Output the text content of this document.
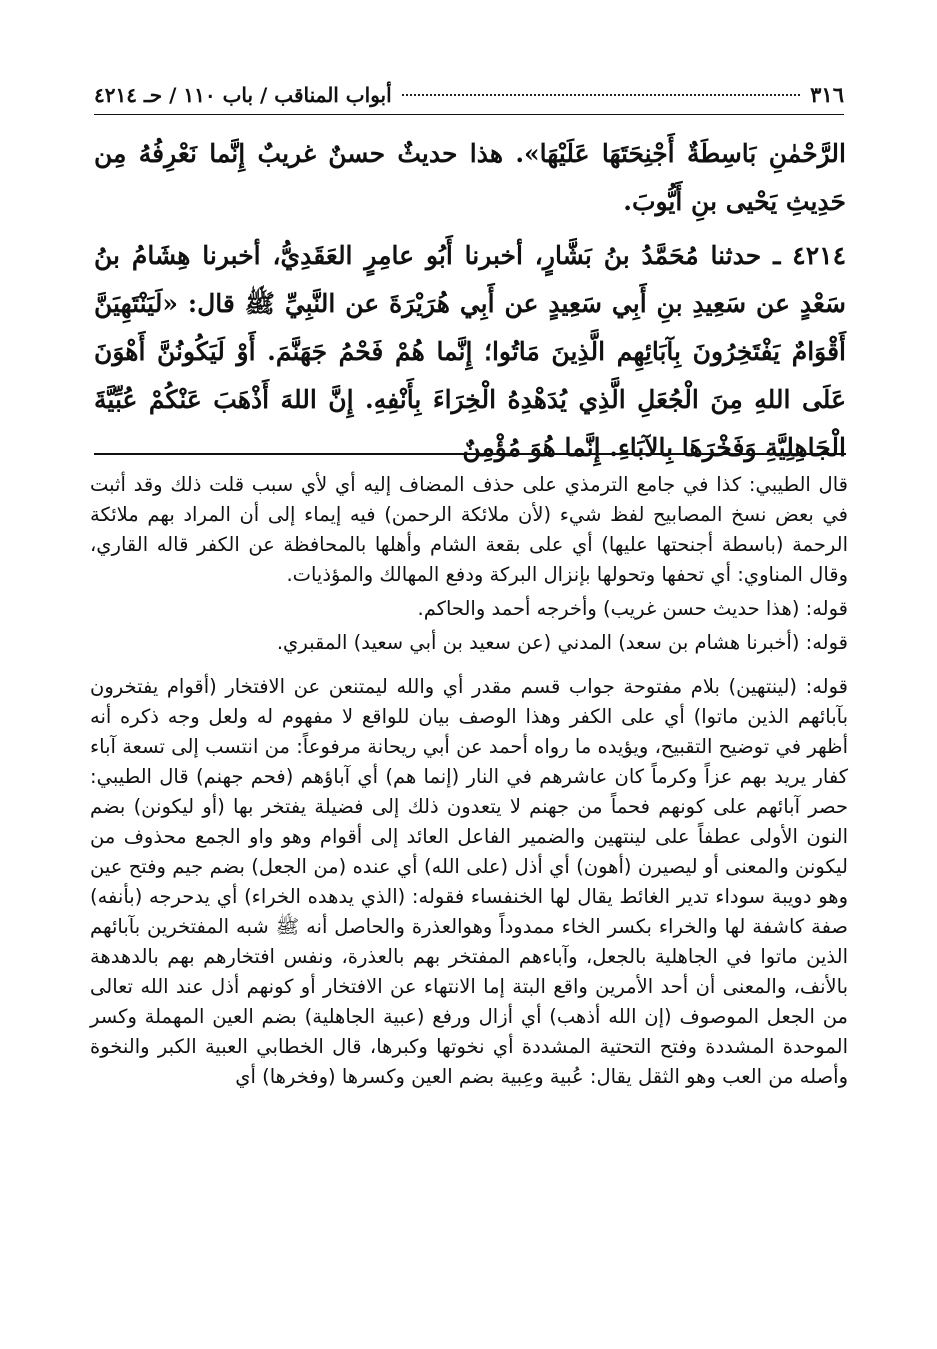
٣١٦
أبواب المناقب / باب ١١٠ / حـ ٤٢١٤

الرَّحْمٰنِ بَاسِطَةٌ أَجْنِحَتَهَا عَلَيْهَا». هذا حديثٌ حسنٌ غريبٌ إِنَّما نَعْرِفُهُ مِن حَدِيثِ يَحْيى بنِ أَيُّوبَ.

٤٢١٤ ـ حدثنا مُحَمَّدُ بنُ بَشَّارٍ، أخبرنا أَبُو عامِرٍ العَقَدِيُّ، أخبرنا هِشَامُ بنُ سَعْدٍ عن سَعِيدِ بنِ أَبِي سَعِيدٍ عن أَبِي هُرَيْرَةَ عن النَّبِيِّ ﷺ قال: «لَيَنْتَهِيَنَّ أَقْوَامٌ يَفْتَخِرُونَ بِآبَائِهِم الَّذِينَ مَاتُوا؛ إِنَّما هُمْ فَحْمُ جَهَنَّمَ. أَوْ لَيَكُونُنَّ أَهْوَنَ عَلَى اللهِ مِنَ الْجُعَلِ الَّذِي يُدَهْدِهُ الْخِرَاءَ بِأَنْفِهِ. إِنَّ اللهَ أَذْهَبَ عَنْكُمْ عُبِّيَّةَ الْجَاهِلِيَّةِ وَفَخْرَهَا بِالآبَاءِ. إِنَّما هُوَ مُؤْمِنٌ

قال الطيبي: كذا في جامع الترمذي على حذف المضاف إليه أي لأي سبب قلت ذلك وقد أثبت في بعض نسخ المصابيح لفظ شيء (لأن ملائكة الرحمن) فيه إيماء إلى أن المراد بهم ملائكة الرحمة (باسطة أجنحتها عليها) أي على بقعة الشام وأهلها بالمحافظة عن الكفر قاله القاري، وقال المناوي: أي تحفها وتحولها بإنزال البركة ودفع المهالك والمؤذيات.

قوله: (هذا حديث حسن غريب) وأخرجه أحمد والحاكم.

قوله: (أخبرنا هشام بن سعد) المدني (عن سعيد بن أبي سعيد) المقبري.

قوله: (لينتهين) بلام مفتوحة جواب قسم مقدر أي والله ليمتنعن عن الافتخار (أقوام يفتخرون بآبائهم الذين ماتوا) أي على الكفر وهذا الوصف بيان للواقع لا مفهوم له ولعل وجه ذكره أنه أظهر في توضيح التقبيح، ويؤيده ما رواه أحمد عن أبي ريحانة مرفوعاً: من انتسب إلى تسعة آباء كفار يريد بهم عزاً وكرماً كان عاشرهم في النار (إنما هم) أي آباؤهم (فحم جهنم) قال الطيبي: حصر آبائهم على كونهم فحماً من جهنم لا يتعدون ذلك إلى فضيلة يفتخر بها (أو ليكونن) بضم النون الأولى عطفاً على لينتهين والضمير الفاعل العائد إلى أقوام وهو واو الجمع محذوف من ليكونن والمعنى أو ليصيرن (أهون) أي أذل (على الله) أي عنده (من الجعل) بضم جيم وفتح عين وهو دويبة سوداء تدير الغائط يقال لها الخنفساء فقوله: (الذي يدهده الخراء) أي يدحرجه (بأنفه) صفة كاشفة لها والخراء بكسر الخاء ممدوداً وهوالعذرة والحاصل أنه ﷺ شبه المفتخرين بآبائهم الذين ماتوا في الجاهلية بالجعل، وآباءهم المفتخر بهم بالعذرة، ونفس افتخارهم بهم بالدهدهة بالأنف، والمعنى أن أحد الأمرين واقع البتة إما الانتهاء عن الافتخار أو كونهم أذل عند الله تعالى من الجعل الموصوف (إن الله أذهب) أي أزال ورفع (عبية الجاهلية) بضم العين المهملة وكسر الموحدة المشددة وفتح التحتية المشددة أي نخوتها وكبرها، قال الخطابي العبية الكبر والنخوة وأصله من العب وهو الثقل يقال: عُبية وعِبية بضم العين وكسرها (وفخرها) أي
